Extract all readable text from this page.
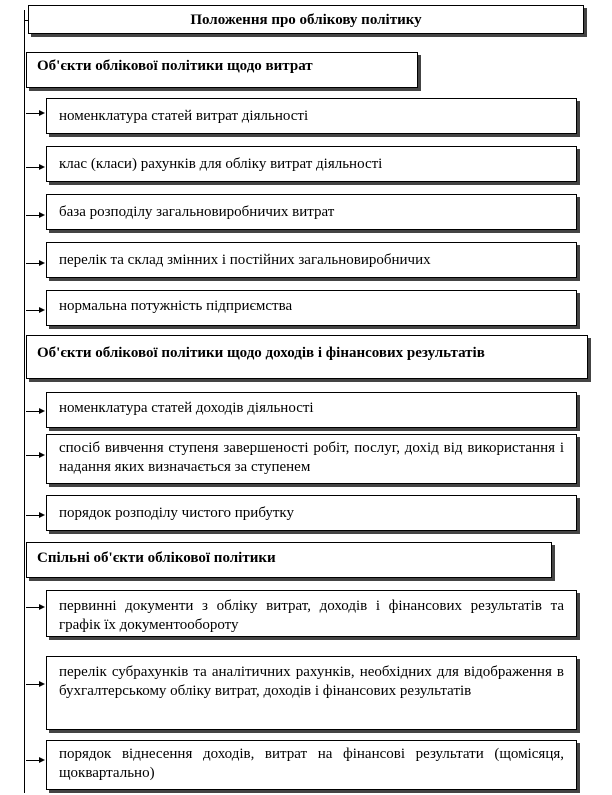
Положення про облікову політику
Об'єкти облікової політики щодо витрат
номенклатура статей витрат діяльності
клас (класи) рахунків для обліку витрат діяльності
база розподілу загальновиробничих витрат
перелік та склад змінних і постійних загальновиробничих
нормальна потужність підприємства
Об'єкти облікової політики щодо доходів і фінансових результатів
номенклатура статей доходів діяльності
спосіб вивчення ступеня завершеності робіт, послуг, дохід від використання і надання яких визначається за ступенем
порядок розподілу чистого прибутку
Спільні об'єкти облікової політики
первинні документи з обліку витрат, доходів і фінансових результатів та графік їх документообороту
перелік субрахунків та аналітичних рахунків, необхідних для відображення в бухгалтерському обліку витрат, доходів і фінансових результатів
порядок віднесення доходів, витрат на фінансові результати (щомісяця, щоквартально)
